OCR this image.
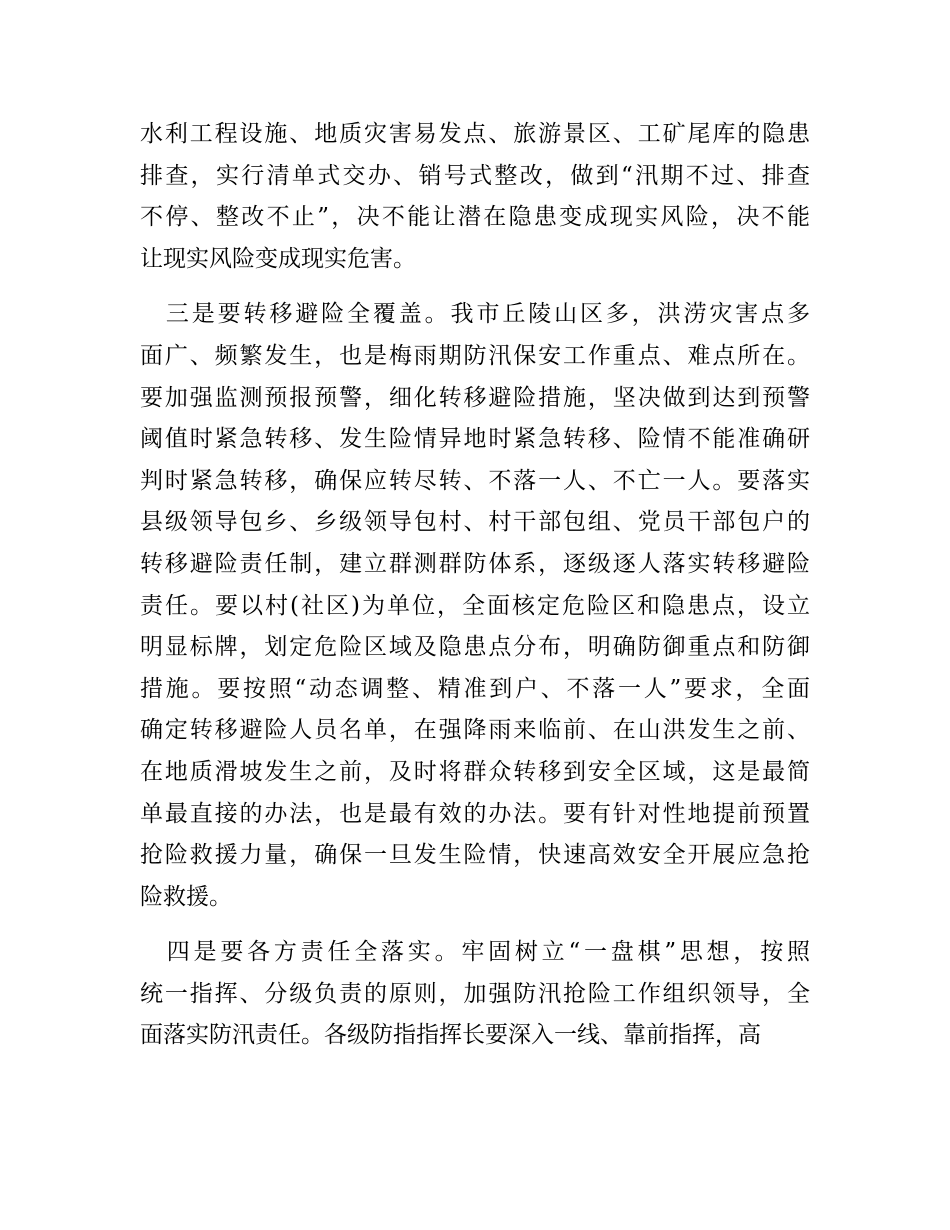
水利工程设施、地质灾害易发点、旅游景区、工矿尾库的隐患
排查，实行清单式交办、销号式整改，做到“汛期不过、排查
不停、整改不止”，决不能让潜在隐患变成现实风险，决不能
让现实风险变成现实危害。
　三是要转移避险全覆盖。我市丘陵山区多，洪涝灾害点多
面广、频繁发生，也是梅雨期防汛保安工作重点、难点所在。
要加强监测预报预警，细化转移避险措施，坚决做到达到预警
阈值时紧急转移、发生险情异地时紧急转移、险情不能准确研
判时紧急转移，确保应转尽转、不落一人、不亡一人。要落实
县级领导包乡、乡级领导包村、村干部包组、党员干部包户的
转移避险责任制，建立群测群防体系，逐级逐人落实转移避险
责任。要以村(社区)为单位，全面核定危险区和隐患点，设立
明显标牌，划定危险区域及隐患点分布，明确防御重点和防御
措施。要按照“动态调整、精准到户、不落一人”要求，全面
确定转移避险人员名单，在强降雨来临前、在山洪发生之前、
在地质滑坡发生之前，及时将群众转移到安全区域，这是最简
单最直接的办法，也是最有效的办法。要有针对性地提前预置
抢险救援力量，确保一旦发生险情，快速高效安全开展应急抢
险救援。
　四是要各方责任全落实。牢固树立“一盘棋”思想，按照
统一指挥、分级负责的原则，加强防汛抢险工作组织领导，全
面落实防汛责任。各级防指指挥长要深入一线、靠前指挥，高
